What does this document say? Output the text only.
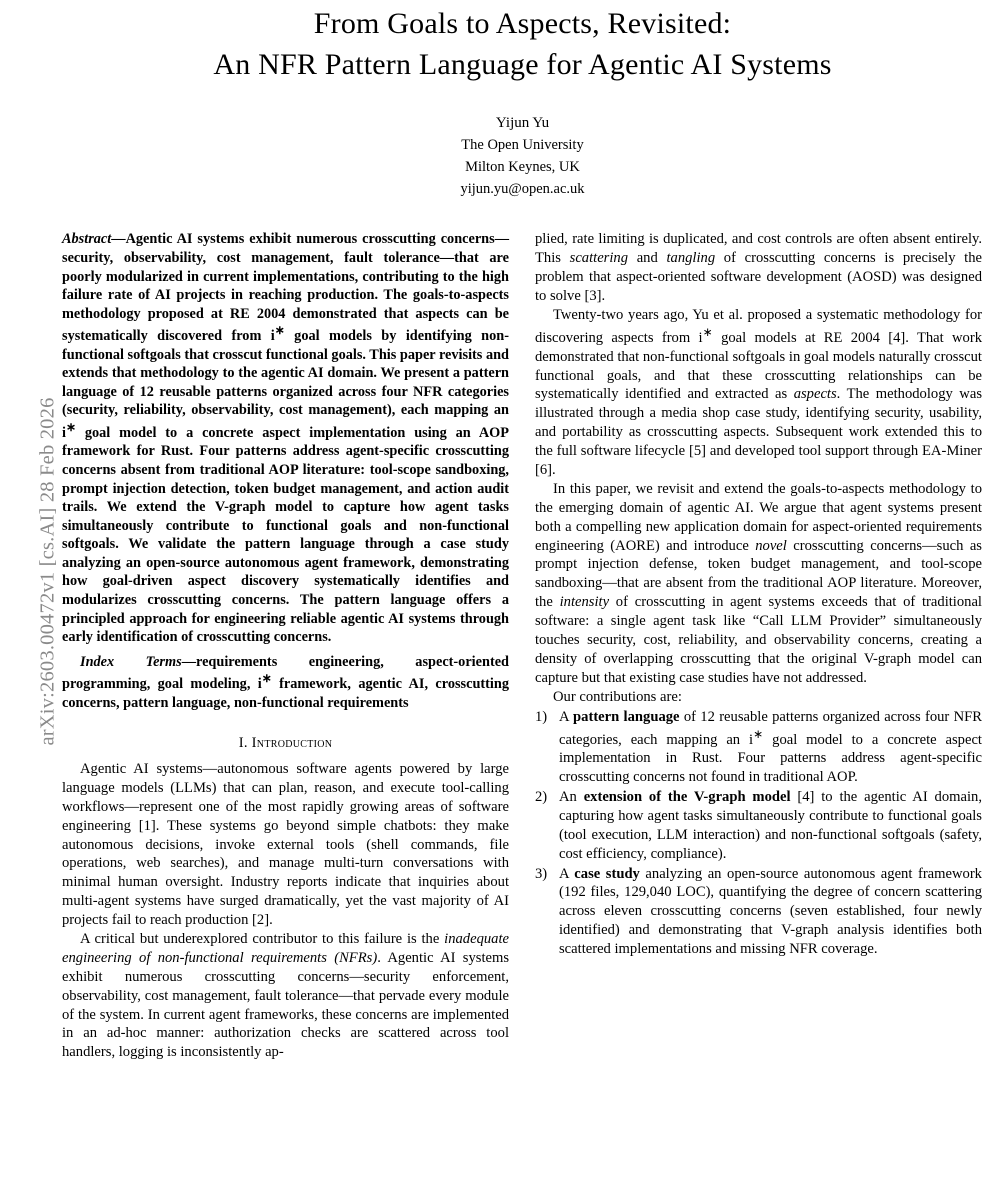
arXiv:2603.00472v1 [cs.AI] 28 Feb 2026
From Goals to Aspects, Revisited:
An NFR Pattern Language for Agentic AI Systems
Yijun Yu
The Open University
Milton Keynes, UK
yijun.yu@open.ac.uk
Abstract—Agentic AI systems exhibit numerous crosscutting concerns—security, observability, cost management, fault tolerance—that are poorly modularized in current implementations, contributing to the high failure rate of AI projects in reaching production. The goals-to-aspects methodology proposed at RE 2004 demonstrated that aspects can be systematically discovered from i∗ goal models by identifying non-functional softgoals that crosscut functional goals. This paper revisits and extends that methodology to the agentic AI domain. We present a pattern language of 12 reusable patterns organized across four NFR categories (security, reliability, observability, cost management), each mapping an i∗ goal model to a concrete aspect implementation using an AOP framework for Rust. Four patterns address agent-specific crosscutting concerns absent from traditional AOP literature: tool-scope sandboxing, prompt injection detection, token budget management, and action audit trails. We extend the V-graph model to capture how agent tasks simultaneously contribute to functional goals and non-functional softgoals. We validate the pattern language through a case study analyzing an open-source autonomous agent framework, demonstrating how goal-driven aspect discovery systematically identifies and modularizes crosscutting concerns. The pattern language offers a principled approach for engineering reliable agentic AI systems through early identification of crosscutting concerns.
Index Terms—requirements engineering, aspect-oriented programming, goal modeling, i∗ framework, agentic AI, crosscutting concerns, pattern language, non-functional requirements
I. Introduction

Agentic AI systems—autonomous software agents powered by large language models (LLMs) that can plan, reason, and execute tool-calling workflows—represent one of the most rapidly growing areas of software engineering [1]. These systems go beyond simple chatbots: they make autonomous decisions, invoke external tools (shell commands, file operations, web searches), and manage multi-turn conversations with minimal human oversight. Industry reports indicate that inquiries about multi-agent systems have surged dramatically, yet the vast majority of AI projects fail to reach production [2].

A critical but underexplored contributor to this failure is the inadequate engineering of non-functional requirements (NFRs). Agentic AI systems exhibit numerous crosscutting concerns—security enforcement, observability, cost management, fault tolerance—that pervade every module of the system. In current agent frameworks, these concerns are implemented in an ad-hoc manner: authorization checks are scattered across tool handlers, logging is inconsistently ap-

plied, rate limiting is duplicated, and cost controls are often absent entirely. This scattering and tangling of crosscutting concerns is precisely the problem that aspect-oriented software development (AOSD) was designed to solve [3].

Twenty-two years ago, Yu et al. proposed a systematic methodology for discovering aspects from i∗ goal models at RE 2004 [4]. That work demonstrated that non-functional softgoals in goal models naturally crosscut functional goals, and that these crosscutting relationships can be systematically identified and extracted as aspects. The methodology was illustrated through a media shop case study, identifying security, usability, and portability as crosscutting aspects. Subsequent work extended this to the full software lifecycle [5] and developed tool support through EA-Miner [6].

In this paper, we revisit and extend the goals-to-aspects methodology to the emerging domain of agentic AI. We argue that agent systems present both a compelling new application domain for aspect-oriented requirements engineering (AORE) and introduce novel crosscutting concerns—such as prompt injection defense, token budget management, and tool-scope sandboxing—that are absent from the traditional AOP literature. Moreover, the intensity of crosscutting in agent systems exceeds that of traditional software: a single agent task like “Call LLM Provider” simultaneously touches security, cost, reliability, and observability concerns, creating a density of overlapping crosscutting that the original V-graph model can capture but that existing case studies have not addressed.

Our contributions are:

1) A pattern language of 12 reusable patterns organized across four NFR categories, each mapping an i∗ goal model to a concrete aspect implementation in Rust. Four patterns address agent-specific crosscutting concerns not found in traditional AOP.
2) An extension of the V-graph model [4] to the agentic AI domain, capturing how agent tasks simultaneously contribute to functional goals (tool execution, LLM interaction) and non-functional softgoals (safety, cost efficiency, compliance).
3) A case study analyzing an open-source autonomous agent framework (192 files, 129,040 LOC), quantifying the degree of concern scattering across eleven crosscutting concerns (seven established, four newly identified) and demonstrating that V-graph analysis identifies both scattered implementations and missing NFR coverage.
